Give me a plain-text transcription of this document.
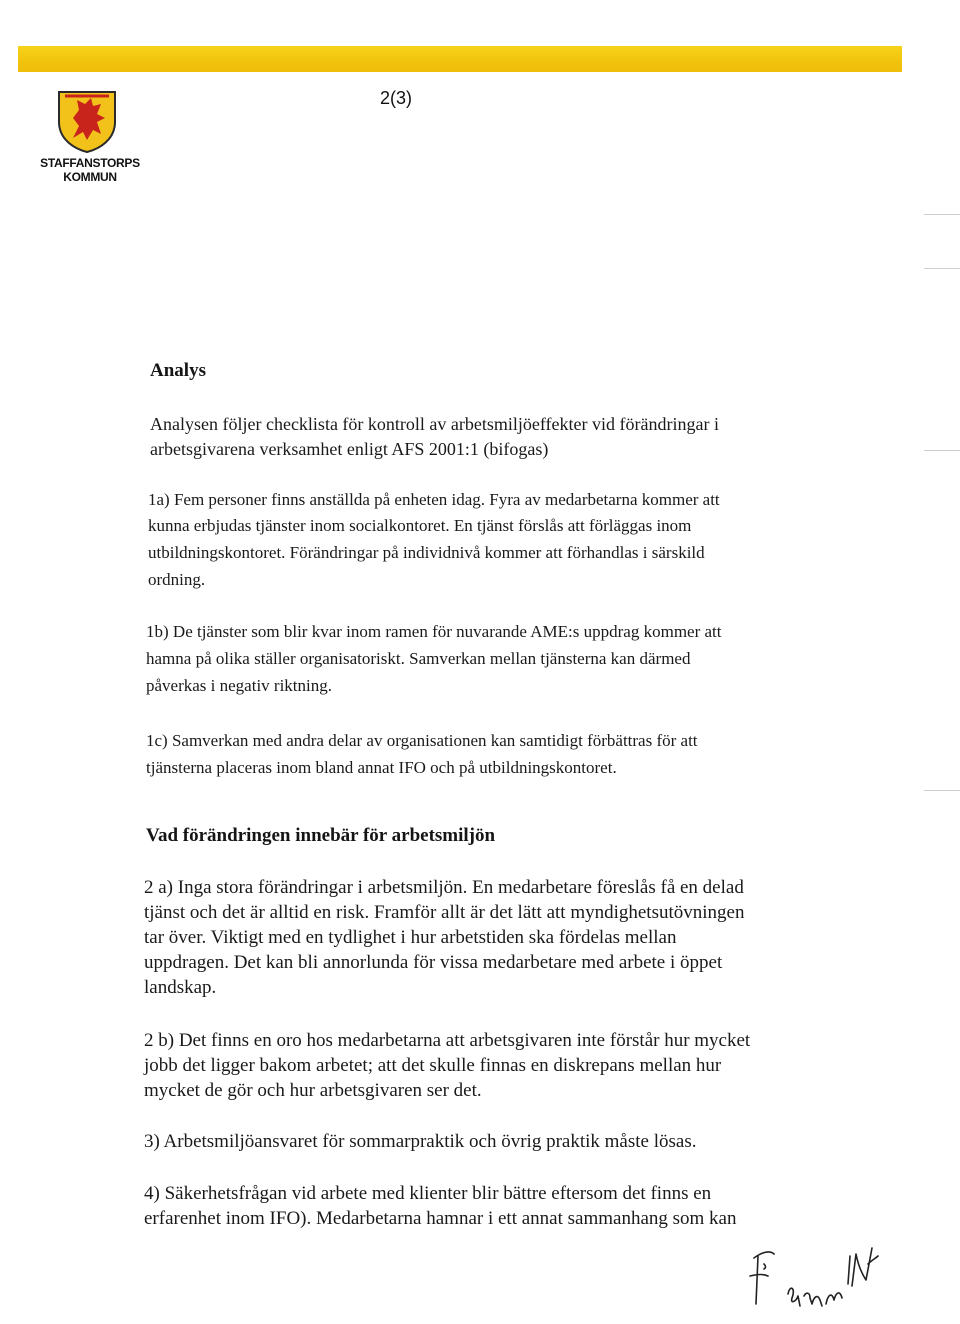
STAFFANSTORPS
KOMMUN
2(3)
Analys
Analysen följer checklista för kontroll av arbetsmiljöeffekter vid förändringar i
arbetsgivarena verksamhet enligt AFS 2001:1 (bifogas)
1a) Fem personer finns anställda på enheten idag. Fyra av medarbetarna kommer att
kunna erbjudas tjänster inom socialkontoret. En tjänst förslås att förläggas inom
utbildningskontoret. Förändringar på individnivå kommer att förhandlas i särskild
ordning.
1b) De tjänster som blir kvar inom ramen för nuvarande AME:s uppdrag kommer att
hamna på olika ställer organisatoriskt. Samverkan mellan tjänsterna kan därmed
påverkas i negativ riktning.
1c) Samverkan med andra delar av organisationen kan samtidigt förbättras för att
tjänsterna placeras inom bland annat IFO och på utbildningskontoret.
Vad förändringen innebär för arbetsmiljön
2 a) Inga stora förändringar i arbetsmiljön. En medarbetare föreslås få en delad
tjänst och det är alltid en risk. Framför allt är det lätt att myndighetsutövningen
tar över. Viktigt med en tydlighet i hur arbetstiden ska fördelas mellan
uppdragen. Det kan bli annorlunda för vissa medarbetare med arbete i öppet
landskap.
2 b) Det finns en oro hos medarbetarna att arbetsgivaren inte förstår hur mycket
jobb det ligger bakom arbetet; att det skulle finnas en diskrepans mellan hur
mycket de gör och hur arbetsgivaren ser det.
3) Arbetsmiljöansvaret för sommarpraktik och övrig praktik måste lösas.
4) Säkerhetsfrågan vid arbete med klienter blir bättre eftersom det finns en
erfarenhet inom IFO). Medarbetarna hamnar i ett annat sammanhang som kan
